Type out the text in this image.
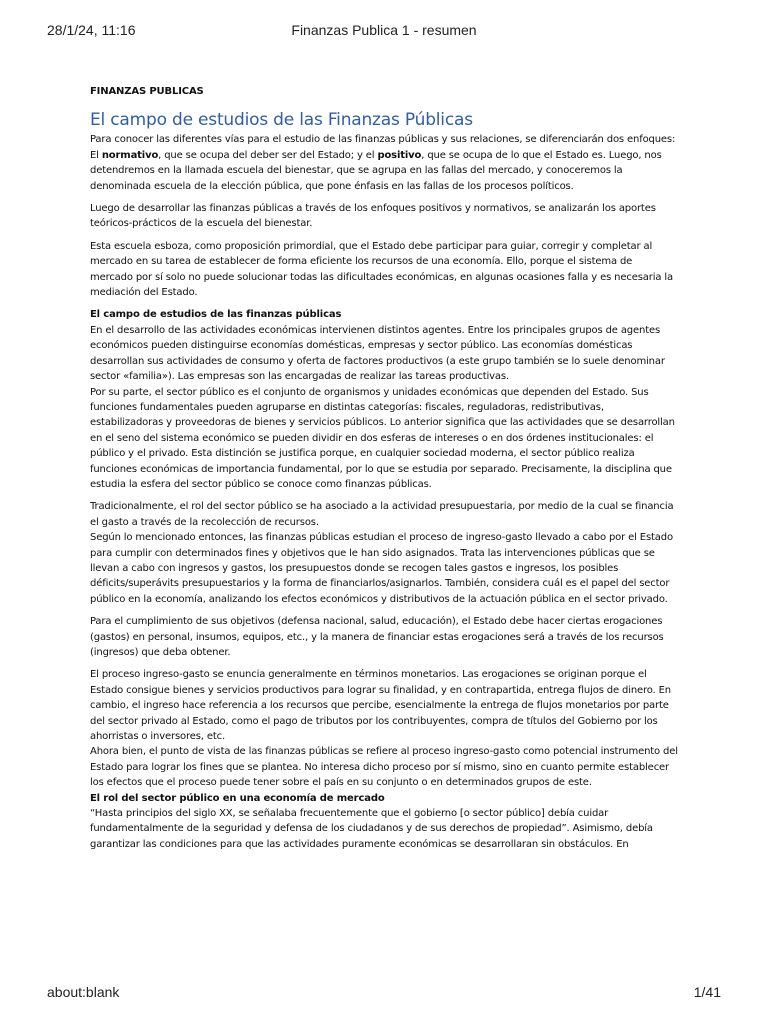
28/1/24, 11:16	Finanzas Publica 1 - resumen
FINANZAS PUBLICAS
El campo de estudios de las Finanzas Públicas

Para conocer las diferentes vías para el estudio de las finanzas públicas y sus relaciones, se diferenciarán dos enfoques:

El normativo, que se ocupa del deber ser del Estado; y el positivo, que se ocupa de lo que el Estado es. Luego, nos detendremos en la llamada escuela del bienestar, que se agrupa en las fallas del mercado, y conoceremos la denominada escuela de la elección pública, que pone énfasis en las fallas de los procesos políticos.

Luego de desarrollar las finanzas públicas a través de los enfoques positivos y normativos, se analizarán los aportes teóricos-prácticos de la escuela del bienestar.

Esta escuela esboza, como proposición primordial, que el Estado debe participar para guiar, corregir y completar al mercado en su tarea de establecer de forma eficiente los recursos de una economía. Ello, porque el sistema de mercado por sí solo no puede solucionar todas las dificultades económicas, en algunas ocasiones falla y es necesaria la mediación del Estado.

El campo de estudios de las finanzas públicas

En el desarrollo de las actividades económicas intervienen distintos agentes. Entre los principales grupos de agentes económicos pueden distinguirse economías domésticas, empresas y sector público. Las economías domésticas desarrollan sus actividades de consumo y oferta de factores productivos (a este grupo también se lo suele denominar sector «familia»). Las empresas son las encargadas de realizar las tareas productivas.

Por su parte, el sector público es el conjunto de organismos y unidades económicas que dependen del Estado. Sus funciones fundamentales pueden agruparse en distintas categorías: fiscales, reguladoras, redistributivas, estabilizadoras y proveedoras de bienes y servicios públicos. Lo anterior significa que las actividades que se desarrollan en el seno del sistema económico se pueden dividir en dos esferas de intereses o en dos órdenes institucionales: el público y el privado. Esta distinción se justifica porque, en cualquier sociedad moderna, el sector público realiza funciones económicas de importancia fundamental, por lo que se estudia por separado. Precisamente, la disciplina que estudia la esfera del sector público se conoce como finanzas públicas.

Tradicionalmente, el rol del sector público se ha asociado a la actividad presupuestaria, por medio de la cual se financia el gasto a través de la recolección de recursos.

Según lo mencionado entonces, las finanzas públicas estudian el proceso de ingreso-gasto llevado a cabo por el Estado para cumplir con determinados fines y objetivos que le han sido asignados. Trata las intervenciones públicas que se llevan a cabo con ingresos y gastos, los presupuestos donde se recogen tales gastos e ingresos, los posibles déficits/superávits presupuestarios y la forma de financiarlos/asignarlos. También, considera cuál es el papel del sector público en la economía, analizando los efectos económicos y distributivos de la actuación pública en el sector privado.

Para el cumplimiento de sus objetivos (defensa nacional, salud, educación), el Estado debe hacer ciertas erogaciones (gastos) en personal, insumos, equipos, etc., y la manera de financiar estas erogaciones será a través de los recursos (ingresos) que deba obtener.

El proceso ingreso-gasto se enuncia generalmente en términos monetarios. Las erogaciones se originan porque el Estado consigue bienes y servicios productivos para lograr su finalidad, y en contrapartida, entrega flujos de dinero. En cambio, el ingreso hace referencia a los recursos que percibe, esencialmente la entrega de flujos monetarios por parte del sector privado al Estado, como el pago de tributos por los contribuyentes, compra de títulos del Gobierno por los ahorristas o inversores, etc.

Ahora bien, el punto de vista de las finanzas públicas se refiere al proceso ingreso-gasto como potencial instrumento del Estado para lograr los fines que se plantea. No interesa dicho proceso por sí mismo, sino en cuanto permite establecer los efectos que el proceso puede tener sobre el país en su conjunto o en determinados grupos de este.

El rol del sector público en una economía de mercado

“Hasta principios del siglo XX, se señalaba frecuentemente que el gobierno [o sector público] debía cuidar fundamentalmente de la seguridad y defensa de los ciudadanos y de sus derechos de propiedad”. Asimismo, debía garantizar las condiciones para que las actividades puramente económicas se desarrollaran sin obstáculos. En

about:blank	1/41
